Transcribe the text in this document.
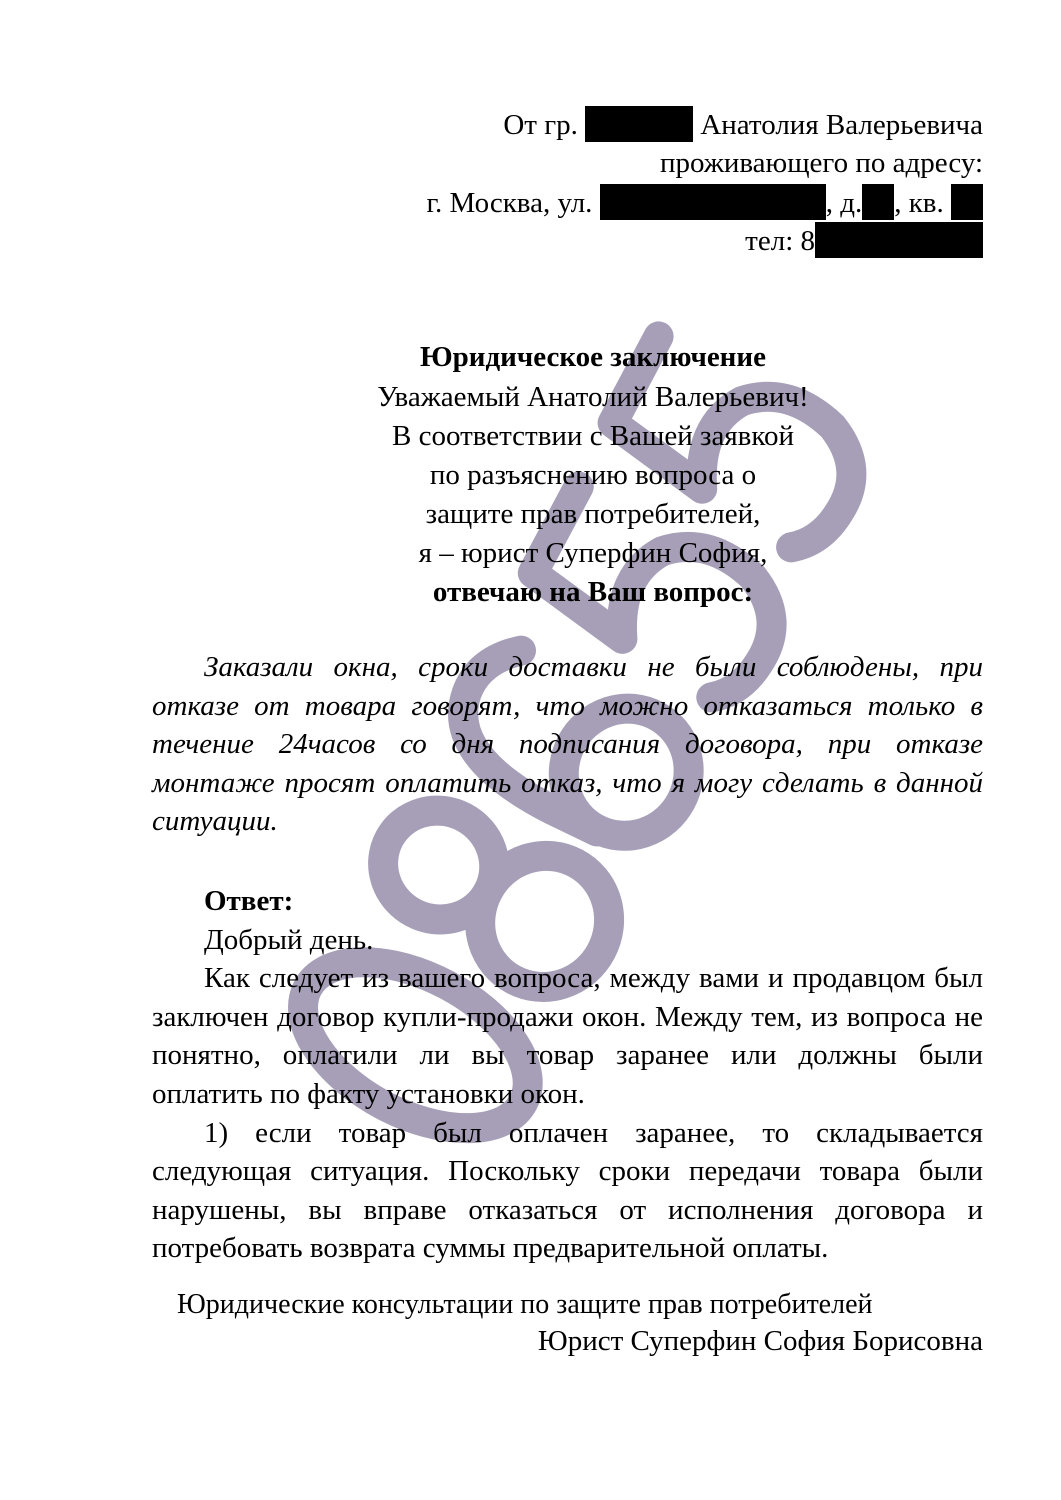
От гр.	Анатолия Валерьевича
проживающего по адресу:
г. Москва, ул.	, д. , кв.
тел: 8
Юридическое заключение
Уважаемый Анатолий Валерьевич!
В соответствии с Вашей заявкой
по разъяснению вопроса о
защите прав потребителей,
я – юрист Суперфин София,
отвечаю на Ваш вопрос:

Заказали окна, сроки доставки не были соблюдены, при отказе от товара говорят, что можно отказаться только в течение 24часов со дня подписания договора, при отказе монтаже просят оплатить отказ, что я могу сделать в данной ситуации.

Ответ:
Добрый день.

Как следует из вашего вопроса, между вами и продавцом был заключен договор купли-продажи окон. Между тем, из вопроса не понятно, оплатили ли вы товар заранее или должны были оплатить по факту установки окон.

1) если товар был оплачен заранее, то складывается следующая ситуация. Поскольку сроки передачи товара были нарушены, вы вправе отказаться от исполнения договора и потребовать возврата суммы предварительной оплаты.

Юридические консультации по защите прав потребителей
Юрист Суперфин София Борисовна
